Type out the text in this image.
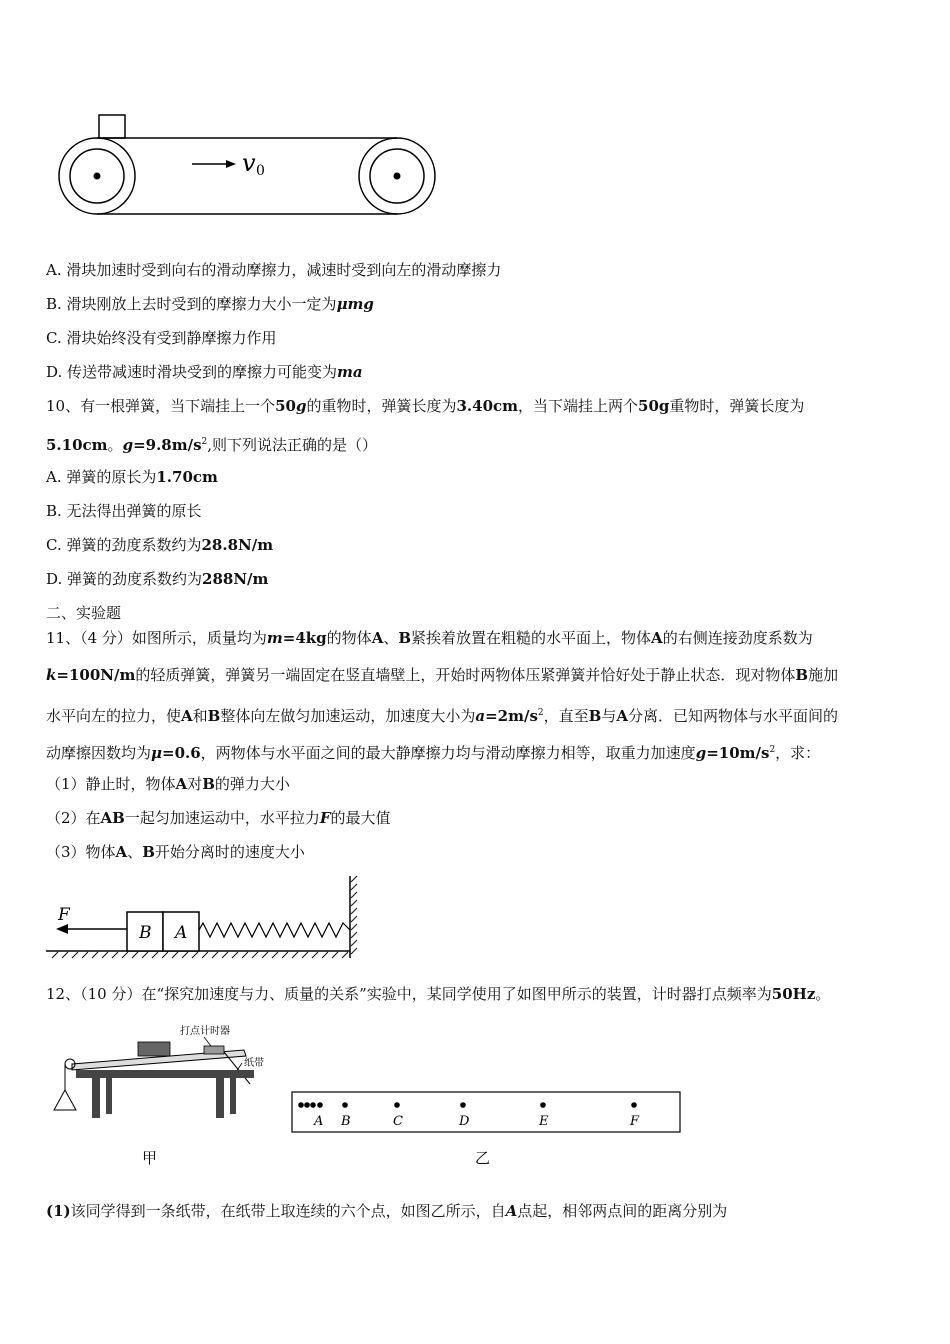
v 0
A. 滑块加速时受到向右的滑动摩擦力，减速时受到向左的滑动摩擦力
B. 滑块刚放上去时受到的摩擦力大小一定为μmg
C. 滑块始终没有受到静摩擦力作用
D. 传送带减速时滑块受到的摩擦力可能变为ma
10、有一根弹簧，当下端挂上一个50g的重物时，弹簧长度为3.40cm，当下端挂上两个50g重物时，弹簧长度为
5.10cm。$g=9.8m/s^2$,则下列说法正确的是（）
A. 弹簧的原长为1.70cm
B. 无法得出弹簧的原长
C. 弹簧的劲度系数约为28.8N/m
D. 弹簧的劲度系数约为288N/m
二、实验题
11、（4 分）如图所示，质量均为m=4kg的物体A、B紧挨着放置在粗糙的水平面上，物体A的右侧连接劲度系数为
k=100N/m的轻质弹簧，弹簧另一端固定在竖直墙壁上，开始时两物体压紧弹簧并恰好处于静止状态．现对物体B施加
水平向左的拉力，使A和B整体向左做匀加速运动，加速度大小为$a=2m/s^2$，直至B与A分离．已知两物体与水平面间的
动摩擦因数均为μ=0.6，两物体与水平面之间的最大静摩擦力均与滑动摩擦力相等，取重力加速度$g=10m/s^2$，求：
（1）静止时，物体A对B的弹力大小
（2）在AB一起匀加速运动中，水平拉力F的最大值
（3）物体A、B开始分离时的速度大小
B A
F
12、（10 分）在“探究加速度与力、质量的关系”实验中，某同学使用了如图甲所示的装置，计时器打点频率为50Hz。
打点计时器
纸带
甲
A B	C	D	E	F
乙
(1)该同学得到一条纸带，在纸带上取连续的六个点，如图乙所示，自A点起，相邻两点间的距离分别为
